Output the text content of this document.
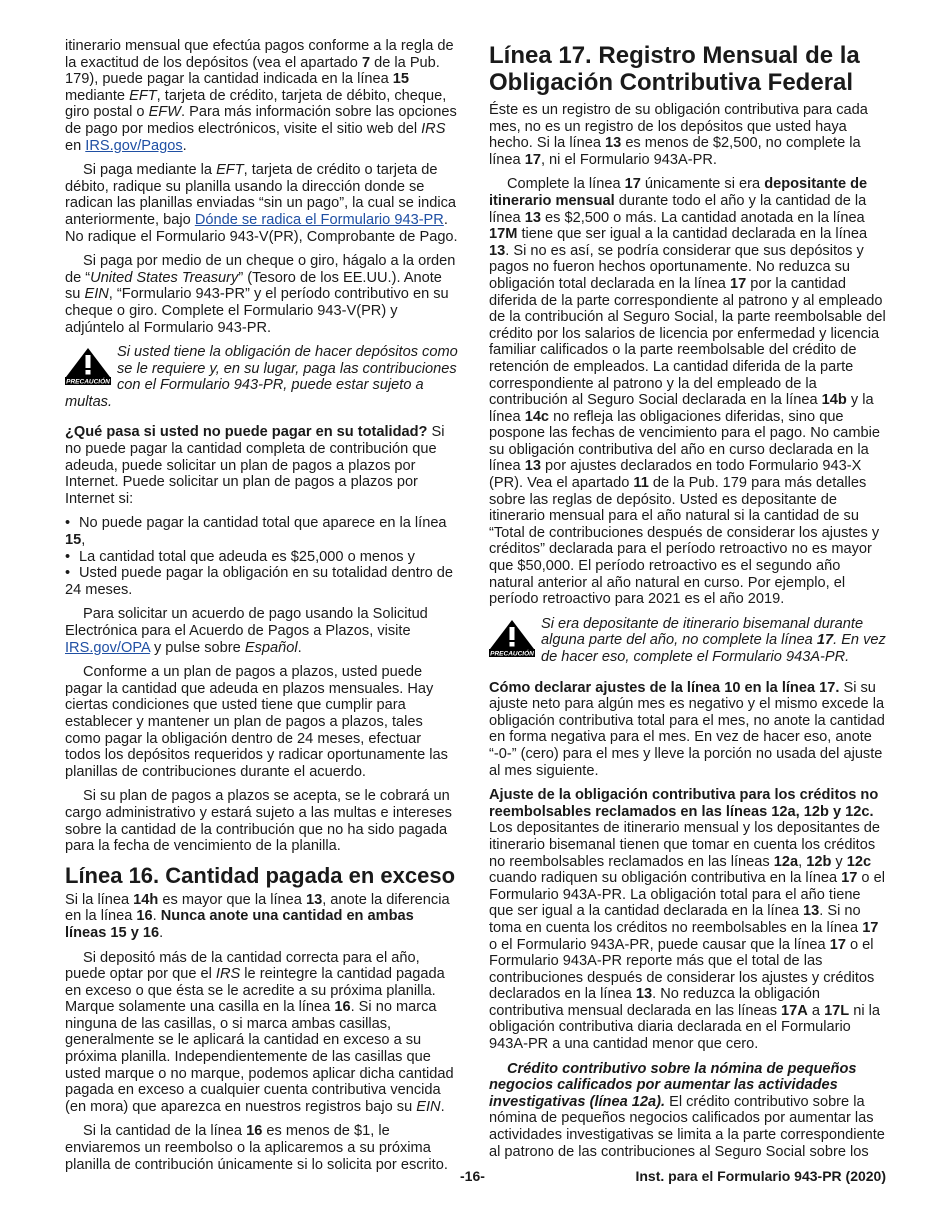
itinerario mensual que efectúa pagos conforme a la regla de la exactitud de los depósitos (vea el apartado 7 de la Pub. 179), puede pagar la cantidad indicada en la línea 15 mediante EFT, tarjeta de crédito, tarjeta de débito, cheque, giro postal o EFW. Para más información sobre las opciones de pago por medios electrónicos, visite el sitio web del IRS en IRS.gov/Pagos.

Si paga mediante la EFT, tarjeta de crédito o tarjeta de débito, radique su planilla usando la dirección donde se radican las planillas enviadas “sin un pago”, la cual se indica anteriormente, bajo Dónde se radica el Formulario 943-PR. No radique el Formulario 943-V(PR), Comprobante de Pago.

Si paga por medio de un cheque o giro, hágalo a la orden de “United States Treasury” (Tesoro de los EE.UU.). Anote su EIN, “Formulario 943-PR” y el período contributivo en su cheque o giro. Complete el Formulario 943-V(PR) y adjúntelo al Formulario 943-PR.

PRECAUCIÓN
Si usted tiene la obligación de hacer depósitos como se le requiere y, en su lugar, paga las contribuciones con el Formulario 943-PR, puede estar sujeto a
multas.

¿Qué pasa si usted no puede pagar en su totalidad? Si no puede pagar la cantidad completa de contribución que adeuda, puede solicitar un plan de pagos a plazos por Internet. Puede solicitar un plan de pagos a plazos por Internet si:

• No puede pagar la cantidad total que aparece en la línea
15,
• La cantidad total que adeuda es $25,000 o menos y
• Usted puede pagar la obligación en su totalidad dentro de
24 meses.

Para solicitar un acuerdo de pago usando la Solicitud Electrónica para el Acuerdo de Pagos a Plazos, visite IRS.gov/OPA y pulse sobre Español.

Conforme a un plan de pagos a plazos, usted puede pagar la cantidad que adeuda en plazos mensuales. Hay ciertas condiciones que usted tiene que cumplir para establecer y mantener un plan de pagos a plazos, tales como pagar la obligación dentro de 24 meses, efectuar todos los depósitos requeridos y radicar oportunamente las planillas de contribuciones durante el acuerdo.

Si su plan de pagos a plazos se acepta, se le cobrará un cargo administrativo y estará sujeto a las multas e intereses sobre la cantidad de la contribución que no ha sido pagada para la fecha de vencimiento de la planilla.

Línea 16. Cantidad pagada en exceso

Si la línea 14h es mayor que la línea 13, anote la diferencia en la línea 16. Nunca anote una cantidad en ambas líneas 15 y 16.

Si depositó más de la cantidad correcta para el año, puede optar por que el IRS le reintegre la cantidad pagada en exceso o que ésta se le acredite a su próxima planilla. Marque solamente una casilla en la línea 16. Si no marca ninguna de las casillas, o si marca ambas casillas, generalmente se le aplicará la cantidad en exceso a su próxima planilla. Independientemente de las casillas que usted marque o no marque, podemos aplicar dicha cantidad pagada en exceso a cualquier cuenta contributiva vencida (en mora) que aparezca en nuestros registros bajo su EIN.

Si la cantidad de la línea 16 es menos de $1, le enviaremos un reembolso o la aplicaremos a su próxima planilla de contribución únicamente si lo solicita por escrito.

Línea 17. Registro Mensual de la Obligación Contributiva Federal

Éste es un registro de su obligación contributiva para cada mes, no es un registro de los depósitos que usted haya hecho. Si la línea 13 es menos de $2,500, no complete la línea 17, ni el Formulario 943A-PR.

Complete la línea 17 únicamente si era depositante de itinerario mensual durante todo el año y la cantidad de la línea 13 es $2,500 o más. La cantidad anotada en la línea 17M tiene que ser igual a la cantidad declarada en la línea 13. Si no es así, se podría considerar que sus depósitos y pagos no fueron hechos oportunamente. No reduzca su obligación total declarada en la línea 17 por la cantidad diferida de la parte correspondiente al patrono y al empleado de la contribución al Seguro Social, la parte reembolsable del crédito por los salarios de licencia por enfermedad y licencia familiar calificados o la parte reembolsable del crédito de retención de empleados. La cantidad diferida de la parte correspondiente al patrono y la del empleado de la contribución al Seguro Social declarada en la línea 14b y la línea 14c no refleja las obligaciones diferidas, sino que pospone las fechas de vencimiento para el pago. No cambie su obligación contributiva del año en curso declarada en la línea 13 por ajustes declarados en todo Formulario 943-X (PR). Vea el apartado 11 de la Pub. 179 para más detalles sobre las reglas de depósito. Usted es depositante de itinerario mensual para el año natural si la cantidad de su “Total de contribuciones después de considerar los ajustes y créditos” declarada para el período retroactivo no es mayor que $50,000. El período retroactivo es el segundo año natural anterior al año natural en curso. Por ejemplo, el período retroactivo para 2021 es el año 2019.

PRECAUCIÓN
Si era depositante de itinerario bisemanal durante alguna parte del año, no complete la línea 17. En vez de hacer eso, complete el Formulario 943A-PR.

Cómo declarar ajustes de la línea 10 en la línea 17. Si su ajuste neto para algún mes es negativo y el mismo excede la obligación contributiva total para el mes, no anote la cantidad en forma negativa para el mes. En vez de hacer eso, anote “-0-” (cero) para el mes y lleve la porción no usada del ajuste al mes siguiente.

Ajuste de la obligación contributiva para los créditos no reembolsables reclamados en las líneas 12a, 12b y 12c. Los depositantes de itinerario mensual y los depositantes de itinerario bisemanal tienen que tomar en cuenta los créditos no reembolsables reclamados en las líneas 12a, 12b y 12c cuando radiquen su obligación contributiva en la línea 17 o el Formulario 943A-PR. La obligación total para el año tiene que ser igual a la cantidad declarada en la línea 13. Si no toma en cuenta los créditos no reembolsables en la línea 17 o el Formulario 943A-PR, puede causar que la línea 17 o el Formulario 943A-PR reporte más que el total de las contribuciones después de considerar los ajustes y créditos declarados en la línea 13. No reduzca la obligación contributiva mensual declarada en las líneas 17A a 17L ni la obligación contributiva diaria declarada en el Formulario 943A-PR a una cantidad menor que cero.

Crédito contributivo sobre la nómina de pequeños negocios calificados por aumentar las actividades investigativas (línea 12a). El crédito contributivo sobre la nómina de pequeños negocios calificados por aumentar las actividades investigativas se limita a la parte correspondiente al patrono de las contribuciones al Seguro Social sobre los

-16-	Inst. para el Formulario 943-PR (2020)
